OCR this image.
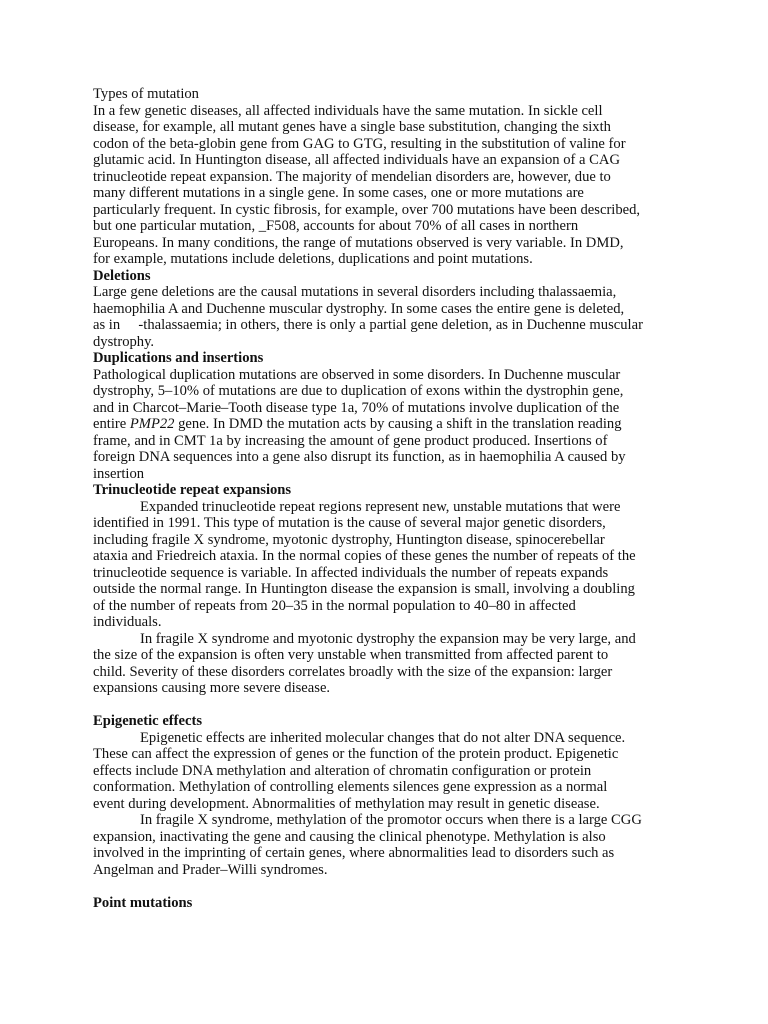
Types of mutation
In a few genetic diseases, all affected individuals have the same mutation. In sickle cell
disease, for example, all mutant genes have a single base substitution, changing the sixth
codon of the beta-globin gene from GAG to GTG, resulting in the substitution of valine for
glutamic acid. In Huntington disease, all affected individuals have an expansion of a CAG
trinucleotide repeat expansion. The majority of mendelian disorders are, however, due to
many different mutations in a single gene. In some cases, one or more mutations are
particularly frequent. In cystic fibrosis, for example, over 700 mutations have been described,
but one particular mutation, _F508, accounts for about 70% of all cases in northern
Europeans. In many conditions, the range of mutations observed is very variable. In DMD,
for example, mutations include deletions, duplications and point mutations.
Deletions
Large gene deletions are the causal mutations in several disorders including thalassaemia,
haemophilia A and Duchenne muscular dystrophy. In some cases the entire gene is deleted,
as in     -thalassaemia; in others, there is only a partial gene deletion, as in Duchenne muscular
dystrophy.
Duplications and insertions
Pathological duplication mutations are observed in some disorders. In Duchenne muscular
dystrophy, 5–10% of mutations are due to duplication of exons within the dystrophin gene,
and in Charcot–Marie–Tooth disease type 1a, 70% of mutations involve duplication of the
entire PMP22 gene. In DMD the mutation acts by causing a shift in the translation reading
frame, and in CMT 1a by increasing the amount of gene product produced. Insertions of
foreign DNA sequences into a gene also disrupt its function, as in haemophilia A caused by
insertion
Trinucleotide repeat expansions
Expanded trinucleotide repeat regions represent new, unstable mutations that were
identified in 1991. This type of mutation is the cause of several major genetic disorders,
including fragile X syndrome, myotonic dystrophy, Huntington disease, spinocerebellar
ataxia and Friedreich ataxia. In the normal copies of these genes the number of repeats of the
trinucleotide sequence is variable. In affected individuals the number of repeats expands
outside the normal range. In Huntington disease the expansion is small, involving a doubling
of the number of repeats from 20–35 in the normal population to 40–80 in affected
individuals.
In fragile X syndrome and myotonic dystrophy the expansion may be very large, and
the size of the expansion is often very unstable when transmitted from affected parent to
child. Severity of these disorders correlates broadly with the size of the expansion: larger
expansions causing more severe disease.
Epigenetic effects
Epigenetic effects are inherited molecular changes that do not alter DNA sequence.
These can affect the expression of genes or the function of the protein product. Epigenetic
effects include DNA methylation and alteration of chromatin configuration or protein
conformation. Methylation of controlling elements silences gene expression as a normal
event during development. Abnormalities of methylation may result in genetic disease.
In fragile X syndrome, methylation of the promotor occurs when there is a large CGG
expansion, inactivating the gene and causing the clinical phenotype. Methylation is also
involved in the imprinting of certain genes, where abnormalities lead to disorders such as
Angelman and Prader–Willi syndromes.
Point mutations
